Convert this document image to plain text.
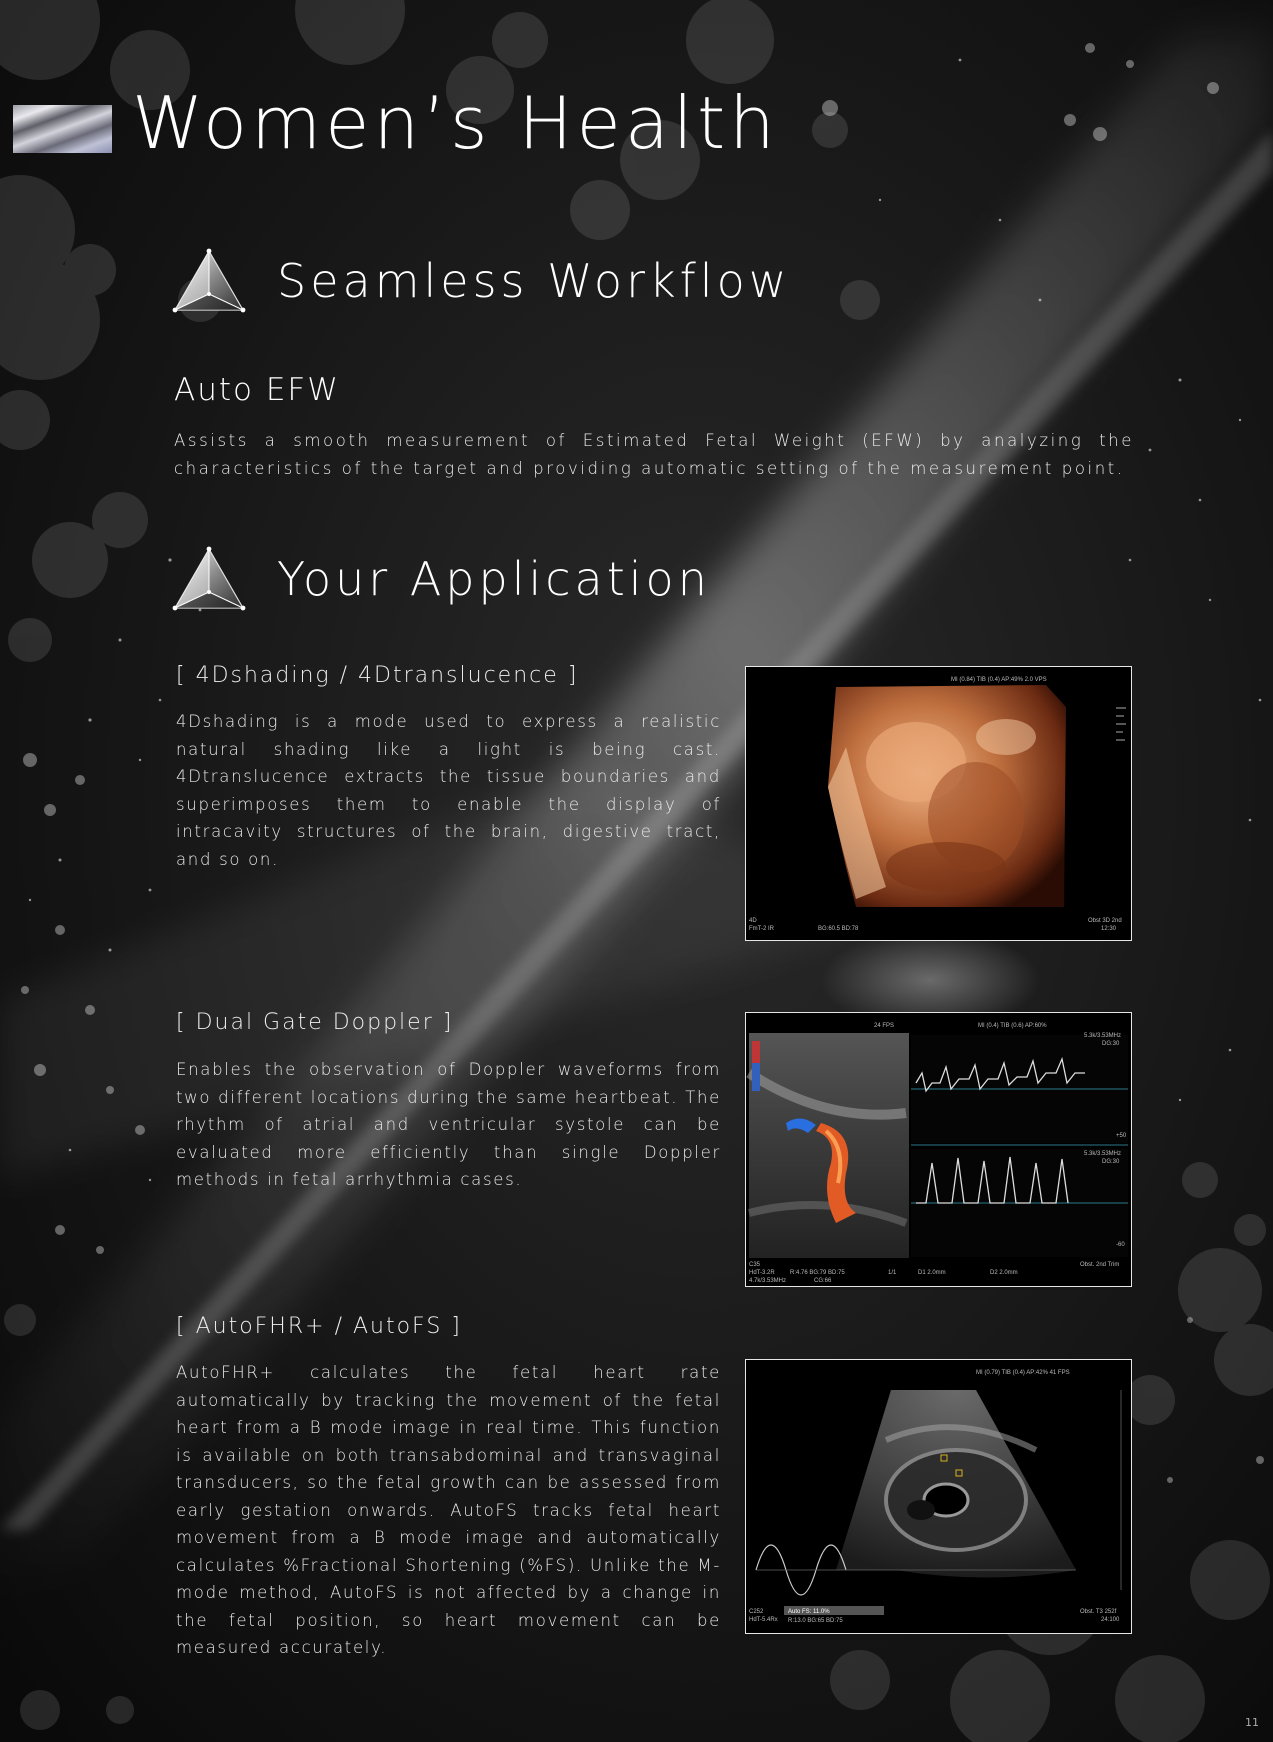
Women’s Health
Seamless Workflow
Auto EFW

Assists a smooth measurement of Estimated Fetal Weight (EFW) by analyzing the characteristics of the target and providing automatic setting of the measurement point.

Your Application
[ 4Dshading / 4Dtranslucence ]

4Dshading is a mode used to express a realistic natural shading like a light is being cast. 4Dtranslucence extracts the tissue boundaries and superimposes them to enable the display of intracavity structures of the brain, digestive tract, and so on.

MI (0.84) TIB (0.4) AP:49% 2.0 VPS
4D
FmT-2 IR	BG:60.5 BD:78
Obst 3D 2nd
12:30
[ Dual Gate Doppler ]

Enables the observation of Doppler waveforms from two different locations during the same heartbeat. The rhythm of atrial and ventricular systole can be evaluated more efficiently than single Doppler methods in fetal arrhythmia cases.

24 FPS	MI (0.4) TIB (0.6) AP:60%
5.3k/3.53MHz
DG:30
+50
5.3k/3.53MHz
DG:30
-60
C35
HdT-3.2R
4.7k/3.53MHz
R:4.76 BG:79 BD:75
CG:66
1/1	D1 2.0mm	D2 2.0mm
Obst. 2nd Trim
[ AutoFHR+ / AutoFS ]

AutoFHR+ calculates the fetal heart rate automatically by tracking the movement of the fetal heart from a B mode image in real time. This function is available on both transabdominal and transvaginal transducers, so the fetal growth can be assessed from early gestation onwards. AutoFS tracks fetal heart movement from a B mode image and automatically calculates %Fractional Shortening (%FS). Unlike the M-mode method, AutoFS is not affected by a change in the fetal position, so heart movement can be measured accurately.

MI (0.79) TIB (0.4) AP:42% 41 FPS
C252
HdT-5.4Rx
Auto FS: 11.0%
R:13.0 BG:65 BD:75
Obst. T3 252f
24:100
11
